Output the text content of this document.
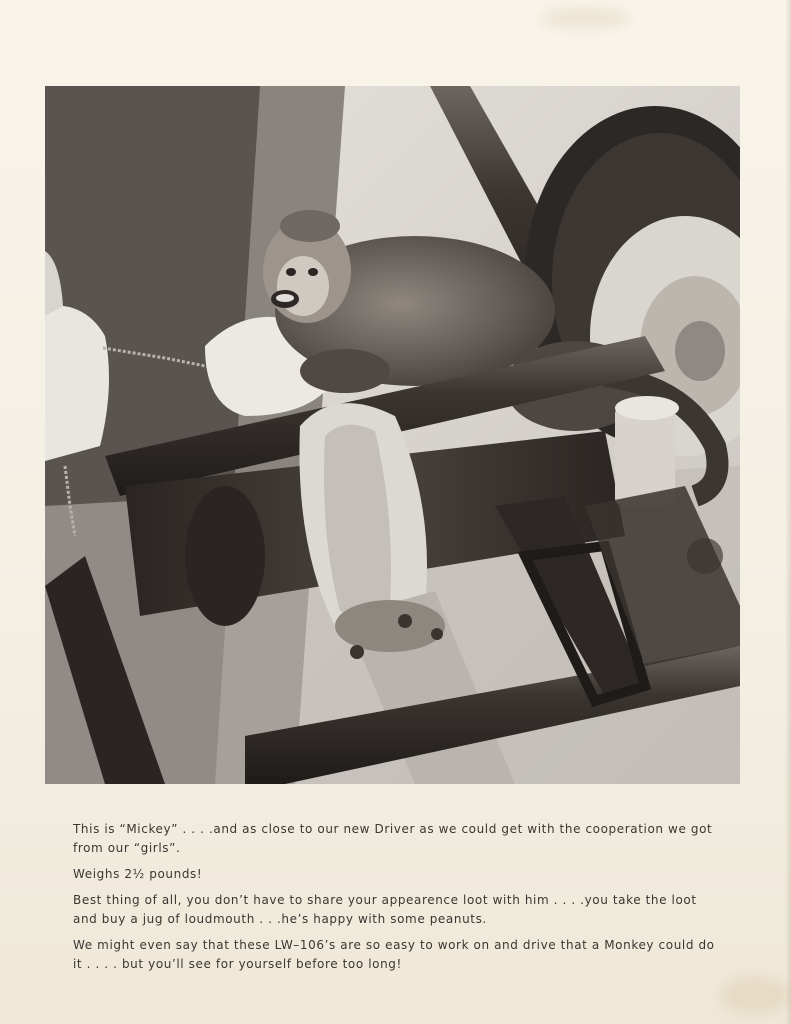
This is “Mickey” . . . .and as close to our new Driver as we could get with the cooperation we got from our “girls”.

Weighs 2½ pounds!

Best thing of all, you don’t have to share your appearence loot with him . . . .you take the loot and buy a jug of loudmouth . . .he’s happy with some peanuts.

We might even say that these LW–106’s are so easy to work on and drive that a Monkey could do it . . . . but you’ll see for yourself before too long!
